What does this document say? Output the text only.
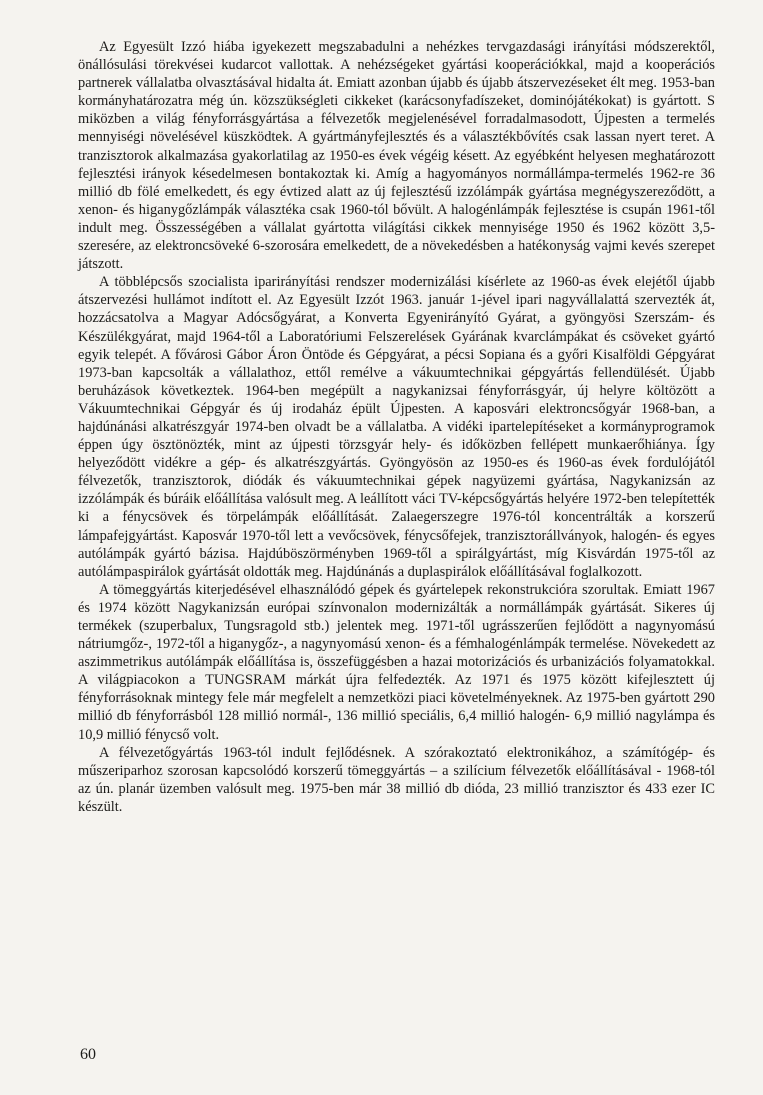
Az Egyesült Izzó hiába igyekezett megszabadulni a nehézkes tervgazdasági irányítási módszerektől, önállósulási törekvései kudarcot vallottak. A nehézségeket gyártási kooperációkkal, majd a kooperációs partnerek vállalatba olvasztásával hidalta át. Emiatt azonban újabb és újabb átszervezéseket élt meg. 1953-ban kormányhatározatra még ún. közszükségleti cikkeket (karácsonyfadíszeket, dominójátékokat) is gyártott. S miközben a világ fényforrásgyártása a félvezetők megjelenésével forradalmasodott, Újpesten a termelés mennyiségi növelésével küszködtek. A gyártmányfejlesztés és a választékbővítés csak lassan nyert teret. A tranzisztorok alkalmazása gyakorlatilag az 1950-es évek végéig késett. Az egyébként helyesen meghatározott fejlesztési irányok késedelmesen bontakoztak ki. Amíg a hagyományos normállámpa-termelés 1962-re 36 millió db fölé emelkedett, és egy évtized alatt az új fejlesztésű izzólámpák gyártása megnégyszereződött, a xenon- és higanygőzlámpák választéka csak 1960-tól bővült. A halogénlámpák fejlesztése is csupán 1961-től indult meg. Összességében a vállalat gyártotta világítási cikkek mennyisége 1950 és 1962 között 3,5-szeresére, az elektroncsöveké 6-szorosára emelkedett, de a növekedésben a hatékonyság vajmi kevés szerepet játszott.

A többlépcsős szocialista iparirányítási rendszer modernizálási kísérlete az 1960-as évek elejétől újabb átszervezési hullámot indított el. Az Egyesült Izzót 1963. január 1-jével ipari nagyvállalattá szervezték át, hozzácsatolva a Magyar Adócsőgyárat, a Konverta Egyenirányító Gyárat, a gyöngyösi Szerszám- és Készülékgyárat, majd 1964-től a Laboratóriumi Felszerelések Gyárának kvarclámpákat és csöveket gyártó egyik telepét. A fővárosi Gábor Áron Öntöde és Gépgyárat, a pécsi Sopiana és a győri Kisalföldi Gépgyárat 1973-ban kapcsolták a vállalathoz, ettől remélve a vákuumtechnikai gépgyártás fellendülését. Újabb beruházások következtek. 1964-ben megépült a nagykanizsai fényforrásgyár, új helyre költözött a Vákuumtechnikai Gépgyár és új irodaház épült Újpesten. A kaposvári elektroncsőgyár 1968-ban, a hajdúnánási alkatrészgyár 1974-ben olvadt be a vállalatba. A vidéki ipartelepítéseket a kormányprogramok éppen úgy ösztönözték, mint az újpesti törzsgyár hely- és időközben fellépett munkaerőhiánya. Így helyeződött vidékre a gép- és alkatrészgyártás. Gyöngyösön az 1950-es és 1960-as évek fordulójától félvezetők, tranzisztorok, diódák és vákuumtechnikai gépek nagyüzemi gyártása, Nagykanizsán az izzólámpák és búráik előállítása valósult meg. A leállított váci TV-képcsőgyártás helyére 1972-ben telepítették ki a fénycsövek és törpelámpák előállítását. Zalaegerszegre 1976-tól koncentrálták a korszerű lámpafejgyártást. Kaposvár 1970-től lett a vevőcsövek, fénycsőfejek, tranzisztorállványok, halogén- és egyes autólámpák gyártó bázisa. Hajdúböszörményben 1969-től a spirálgyártást, míg Kisvárdán 1975-től az autólámpaspirálok gyártását oldották meg. Hajdúnánás a duplaspirálok előállításával foglalkozott.

A tömeggyártás kiterjedésével elhasználódó gépek és gyártelepek rekonstrukcióra szorultak. Emiatt 1967 és 1974 között Nagykanizsán európai színvonalon modernizálták a normállámpák gyártását. Sikeres új termékek (szuperbalux, Tungsragold stb.) jelentek meg. 1971-től ugrásszerűen fejlődött a nagynyomású nátriumgőz-, 1972-től a higanygőz-, a nagynyomású xenon- és a fémhalogénlámpák termelése. Növekedett az aszimmetrikus autólámpák előállítása is, összefüggésben a hazai motorizációs és urbanizációs folyamatokkal. A világpiacokon a TUNGSRAM márkát újra felfedezték. Az 1971 és 1975 között kifejlesztett új fényforrásoknak mintegy fele már megfelelt a nemzetközi piaci követelményeknek. Az 1975-ben gyártott 290 millió db fényforrásból 128 millió normál-, 136 millió speciális, 6,4 millió halogén- 6,9 millió nagylámpa és 10,9 millió fénycső volt.

A félvezetőgyártás 1963-tól indult fejlődésnek. A szórakoztató elektronikához, a számítógép- és műszeriparhoz szorosan kapcsolódó korszerű tömeggyártás – a szilícium félvezetők előállításával - 1968-tól az ún. planár üzemben valósult meg. 1975-ben már 38 millió db dióda, 23 millió tranzisztor és 433 ezer IC készült.

60
